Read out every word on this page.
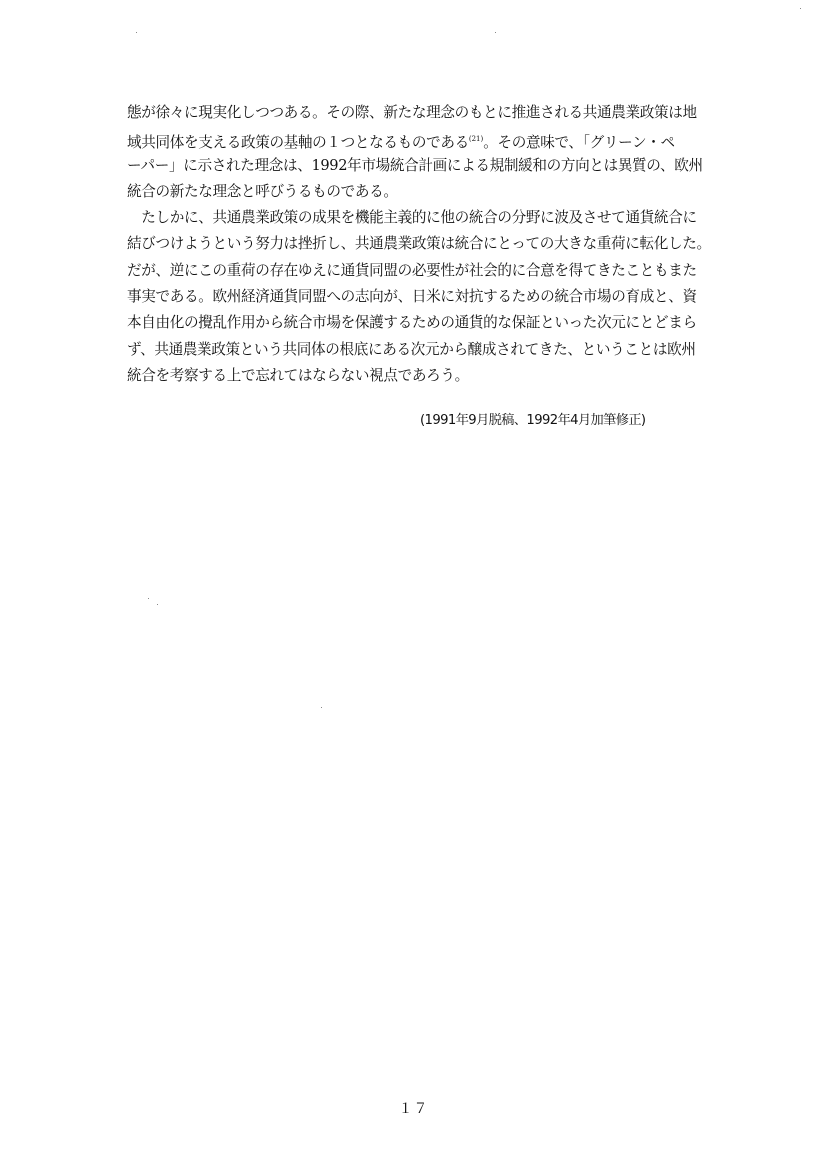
態が徐々に現実化しつつある。その際、新たな理念のもとに推進される共通農業政策は地
域共同体を支える政策の基軸の１つとなるものである$^{(21)}$。その意味で、「グリーン・ペ
ーパー」に示された理念は、1992年市場統合計画による規制緩和の方向とは異質の、欧州
統合の新たな理念と呼びうるものである。
　たしかに、共通農業政策の成果を機能主義的に他の統合の分野に波及させて通貨統合に
結びつけようという努力は挫折し、共通農業政策は統合にとっての大きな重荷に転化した。
だが、逆にこの重荷の存在ゆえに通貨同盟の必要性が社会的に合意を得てきたこともまた
事実である。欧州経済通貨同盟への志向が、日米に対抗するための統合市場の育成と、資
本自由化の攪乱作用から統合市場を保護するための通貨的な保証といった次元にとどまら
ず、共通農業政策という共同体の根底にある次元から醸成されてきた、ということは欧州
統合を考察する上で忘れてはならない視点であろう。
(1991年9月脱稿、1992年4月加筆修正)
１７
